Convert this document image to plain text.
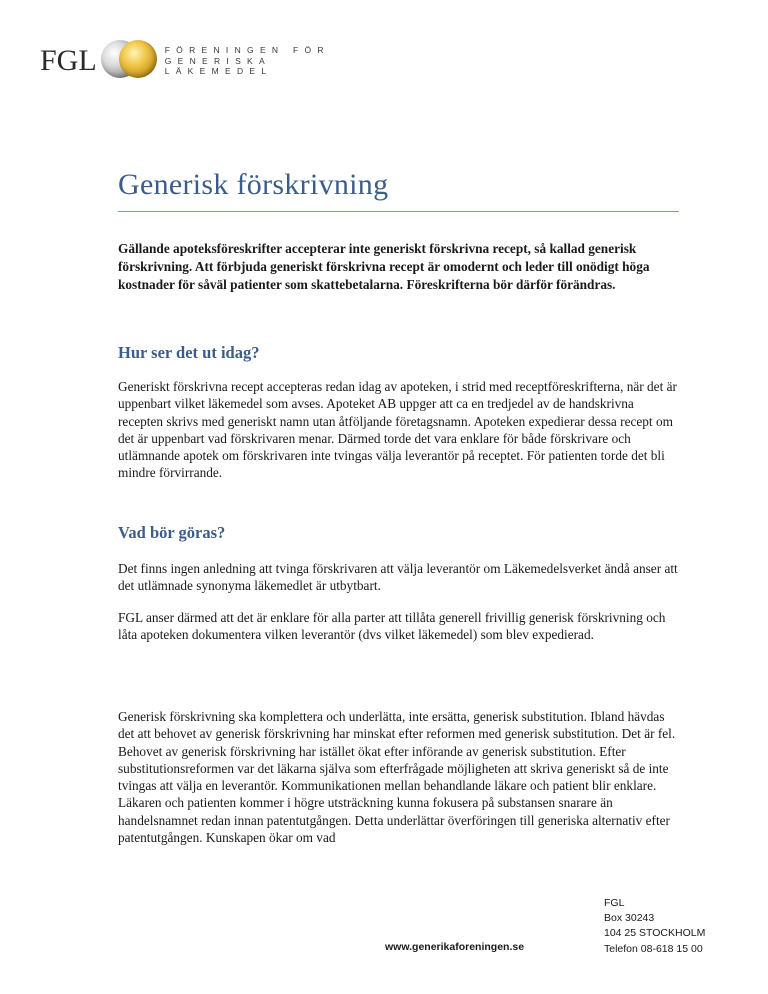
FGL	FÖRENINGEN FÖR
GENERISKA
LÄKEMEDEL
Generisk förskrivning

Gällande apoteksföreskrifter accepterar inte generiskt förskrivna recept, så kallad generisk förskrivning. Att förbjuda generiskt förskrivna recept är omodernt och leder till onödigt höga kostnader för såväl patienter som skattebetalarna. Föreskrifterna bör därför förändras.

Hur ser det ut idag?

Generiskt förskrivna recept accepteras redan idag av apoteken, i strid med receptföreskrifterna, när det är uppenbart vilket läkemedel som avses. Apoteket AB uppger att ca en tredjedel av de handskrivna recepten skrivs med generiskt namn utan åtföljande företagsnamn. Apoteken expedierar dessa recept om det är uppenbart vad förskrivaren menar. Därmed torde det vara enklare för både förskrivare och utlämnande apotek om förskrivaren inte tvingas välja leverantör på receptet. För patienten torde det bli mindre förvirrande.

Vad bör göras?

Det finns ingen anledning att tvinga förskrivaren att välja leverantör om Läkemedelsverket ändå anser att det utlämnade synonyma läkemedlet är utbytbart.

FGL anser därmed att det är enklare för alla parter att tillåta generell frivillig generisk förskrivning och låta apoteken dokumentera vilken leverantör (dvs vilket läkemedel) som blev expedierad.

Generisk förskrivning ska komplettera och underlätta, inte ersätta, generisk substitution. Ibland hävdas det att behovet av generisk förskrivning har minskat efter reformen med generisk substitution. Det är fel. Behovet av generisk förskrivning har istället ökat efter införande av generisk substitution. Efter substitutionsreformen var det läkarna själva som efterfrågade möjligheten att skriva generiskt så de inte tvingas att välja en leverantör. Kommunikationen mellan behandlande läkare och patient blir enklare. Läkaren och patienten kommer i högre utsträckning kunna fokusera på substansen snarare än handelsnamnet redan innan patentutgången. Detta underlättar överföringen till generiska alternativ efter patentutgången. Kunskapen ökar om vad

www.generikaforeningen.se
FGL
Box 30243
104 25 STOCKHOLM
Telefon 08-618 15 00
